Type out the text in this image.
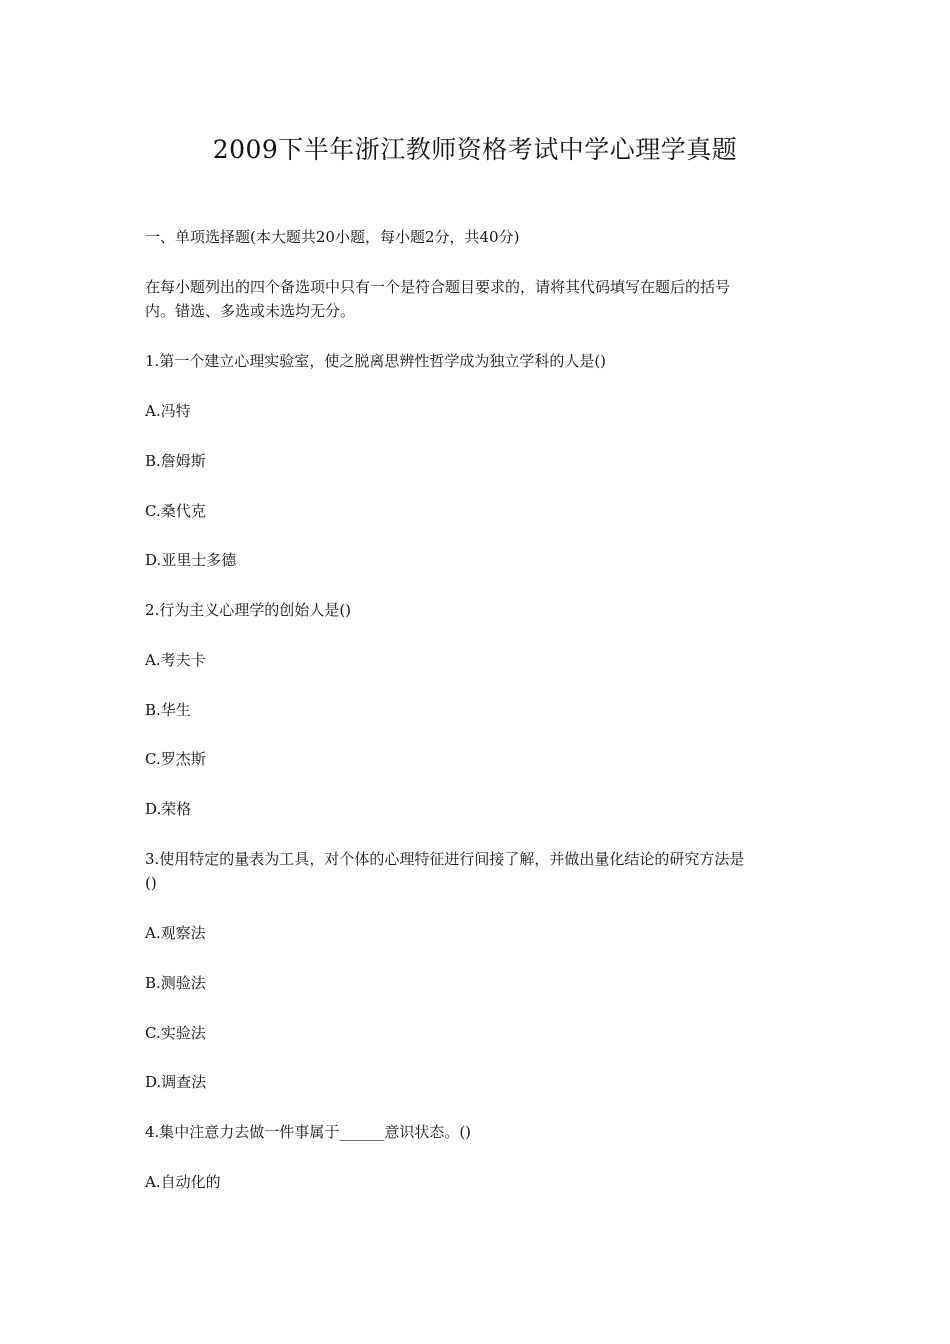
2009下半年浙江教师资格考试中学心理学真题
一、单项选择题(本大题共20小题，每小题2分，共40分)
在每小题列出的四个备选项中只有一个是符合题目要求的，请将其代码填写在题后的括号
内。错选、多选或未选均无分。
1.第一个建立心理实验室，使之脱离思辨性哲学成为独立学科的人是()
A.冯特
B.詹姆斯
C.桑代克
D.亚里士多德
2.行为主义心理学的创始人是()
A.考夫卡
B.华生
C.罗杰斯
D.荣格
3.使用特定的量表为工具，对个体的心理特征进行间接了解，并做出量化结论的研究方法是
()
A.观察法
B.测验法
C.实验法
D.调查法
4.集中注意力去做一件事属于______意识状态。()
A.自动化的
